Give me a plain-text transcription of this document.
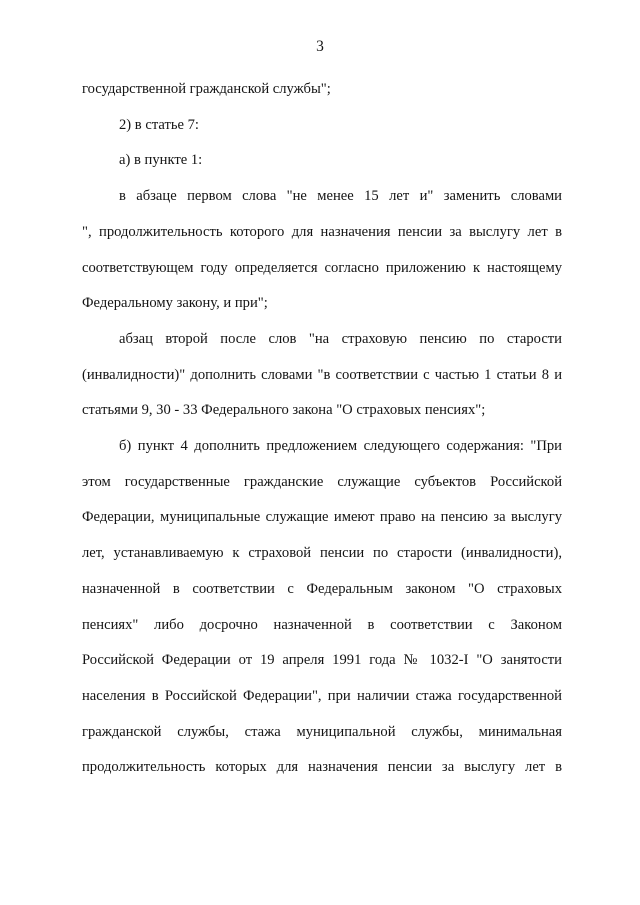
3

государственной гражданской службы";

2) в статье 7:

а) в пункте 1:

в абзаце первом слова "не менее 15 лет и" заменить словами
", продолжительность которого для назначения пенсии за выслугу лет в
соответствующем году определяется согласно приложению к настоящему
Федеральному закону, и при";

абзац второй после слов "на страховую пенсию по старости
(инвалидности)" дополнить словами "в соответствии с частью 1 статьи 8 и
статьями 9, 30 - 33 Федерального закона "О страховых пенсиях";

б) пункт 4 дополнить предложением следующего содержания: "При
этом государственные гражданские служащие субъектов Российской
Федерации, муниципальные служащие имеют право на пенсию за выслугу
лет, устанавливаемую к страховой пенсии по старости (инвалидности),
назначенной в соответствии с Федеральным законом "О страховых
пенсиях" либо досрочно назначенной в соответствии с Законом
Российской Федерации от 19 апреля 1991 года № 1032-I "О занятости
населения в Российской Федерации", при наличии стажа государственной
гражданской службы, стажа муниципальной службы, минимальная
продолжительность которых для назначения пенсии за выслугу лет в
